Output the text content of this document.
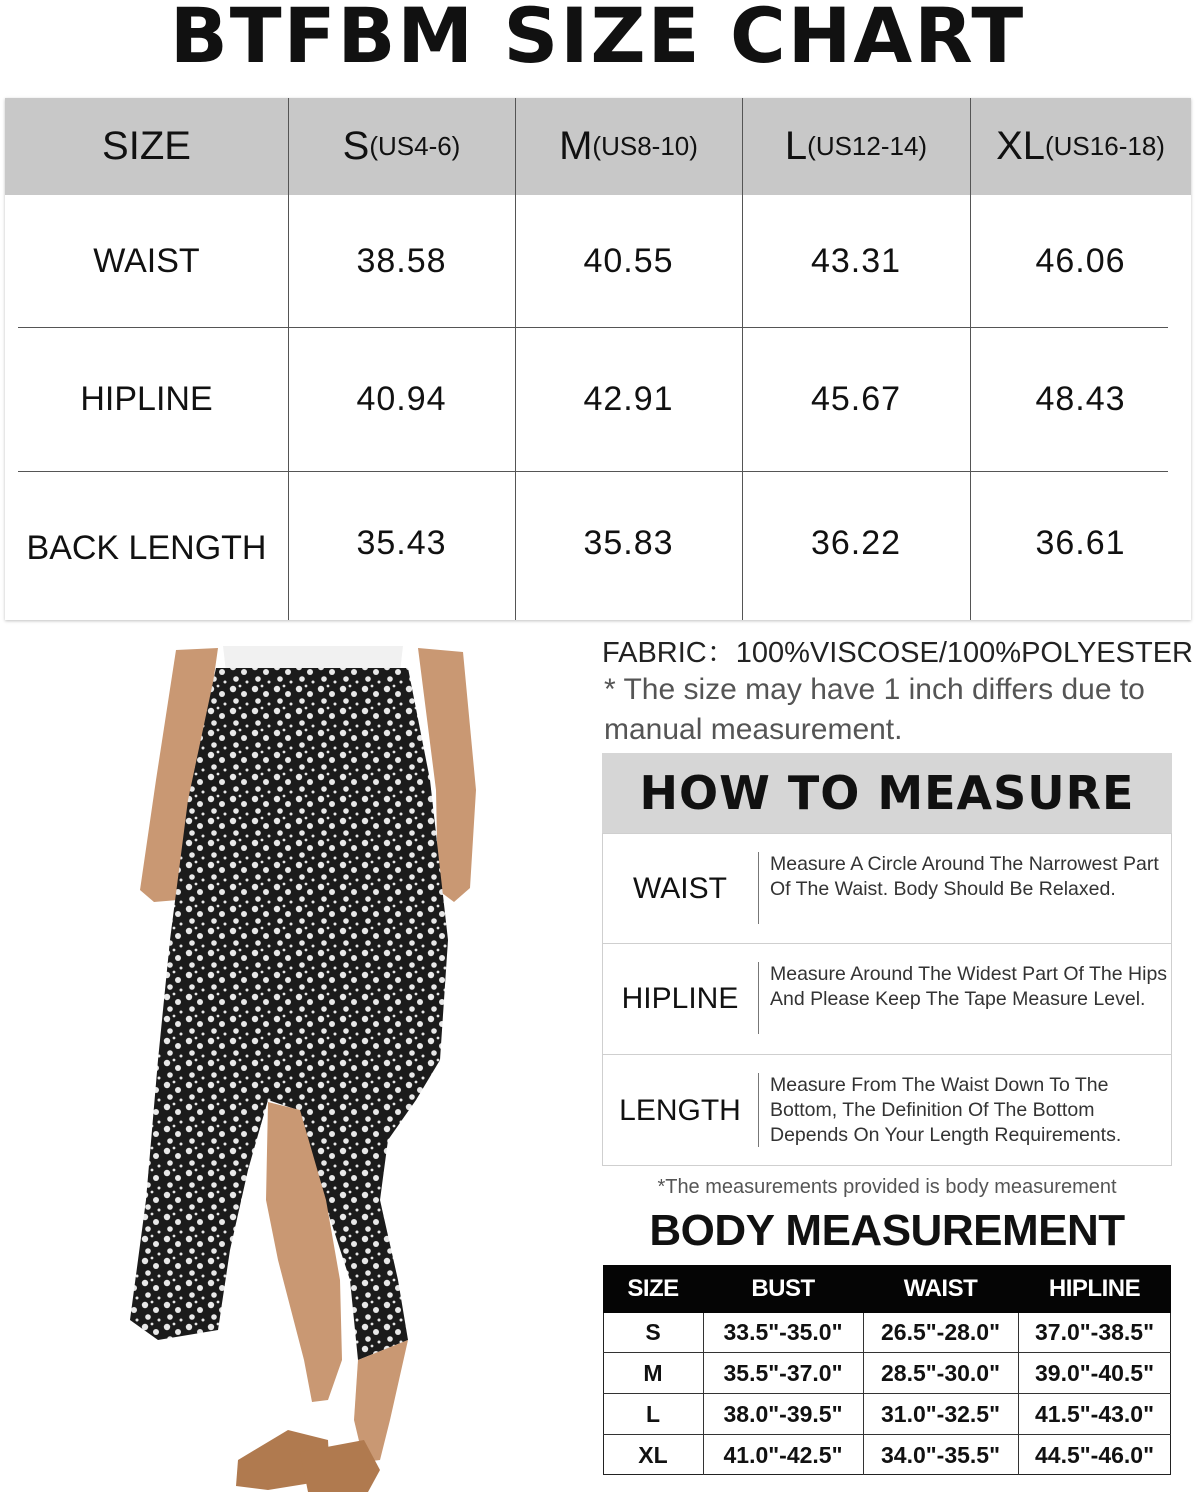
BTFBM SIZE CHART
SIZE	S (US4-6) M (US8-10) L (US12-14) XL (US16-18)
WAIST	38.58	40.55	43.31	46.06
HIPLINE	40.94	42.91	45.67	48.43
BACK LENGTH	35.43	35.83	36.22	36.61
FABRIC：100%VISCOSE/100%POLYESTER
* The size may have 1 inch differs due to manual measurement.
HOW TO MEASURE
WAIST
Measure A Circle Around The Narrowest Part Of The Waist. Body Should Be Relaxed.
HIPLINE
Measure Around The Widest Part Of The Hips And Please Keep The Tape Measure Level.
LENGTH
Measure From The Waist Down To The Bottom, The Definition Of The Bottom Depends On Your Length Requirements.
*The measurements provided is body measurement
BODY MEASUREMENT
SIZE	BUST	WAIST	HIPLINE
S	33.5"-35.0"	26.5"-28.0"	37.0"-38.5"
M	35.5"-37.0"	28.5"-30.0"	39.0"-40.5"
L	38.0"-39.5"	31.0"-32.5"	41.5"-43.0"
XL	41.0"-42.5"	34.0"-35.5"	44.5"-46.0"
